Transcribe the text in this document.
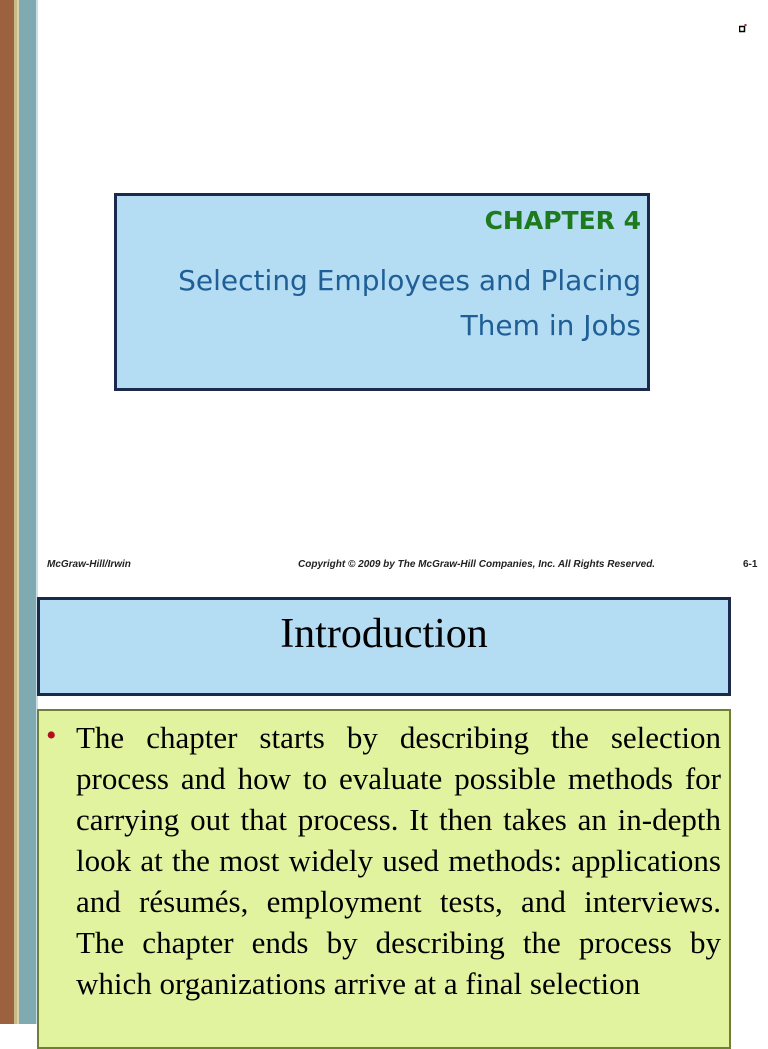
CHAPTER 4
Selecting Employees and Placing Them in Jobs
McGraw-Hill/Irwin	Copyright © 2009 by The McGraw-Hill Companies, Inc. All Rights Reserved.	6-1
Introduction
• The chapter starts by describing the selection process and how to evaluate possible methods for carrying out that process. It then takes an in-depth look at the most widely used methods: applications and résumés, employment tests, and interviews. The chapter ends by describing the process by which organizations arrive at a final selection
